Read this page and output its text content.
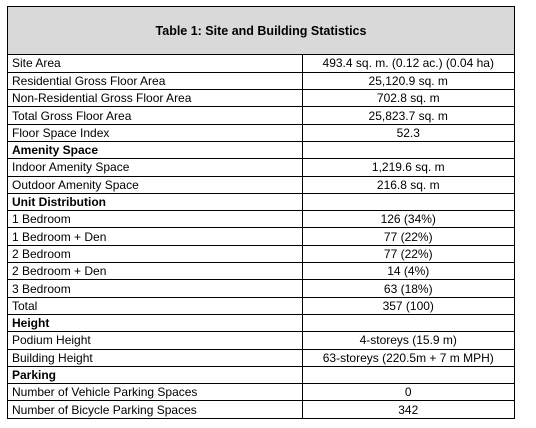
Table 1: Site and Building Statistics
Site Area	493.4 sq. m. (0.12 ac.) (0.04 ha)
Residential Gross Floor Area	25,120.9 sq. m
Non-Residential Gross Floor Area	702.8 sq. m
Total Gross Floor Area	25,823.7 sq. m
Floor Space Index	52.3
Amenity Space	
Indoor Amenity Space	1,219.6 sq. m
Outdoor Amenity Space	216.8 sq. m
Unit Distribution	
1 Bedroom	126 (34%)
1 Bedroom + Den	77 (22%)
2 Bedroom	77 (22%)
2 Bedroom + Den	14 (4%)
3 Bedroom	63 (18%)
Total	357 (100)
Height	
Podium Height	4-storeys (15.9 m)
Building Height	63-storeys (220.5m + 7 m MPH)
Parking	
Number of Vehicle Parking Spaces	0
Number of Bicycle Parking Spaces	342
